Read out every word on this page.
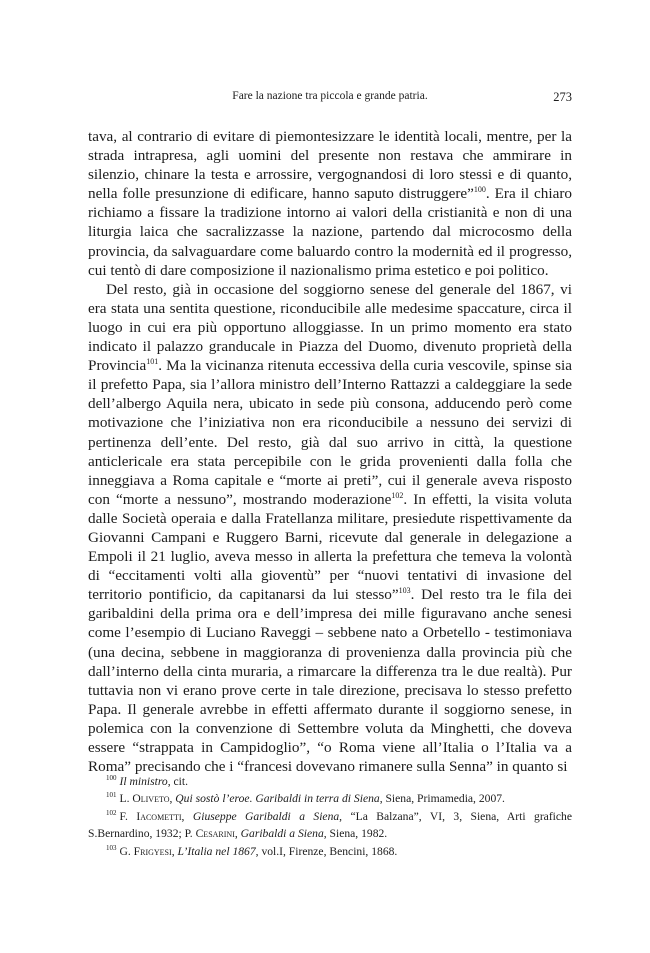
Fare la nazione tra piccola e grande patria.	273

tava, al contrario di evitare di piemontesizzare le identità locali, mentre, per la strada intrapresa, agli uomini del presente non restava che ammirare in silenzio, chinare la testa e arrossire, vergognandosi di loro stessi e di quanto, nella folle presunzione di edificare, hanno saputo distruggere”$^{100}$. Era il chiaro richiamo a fissare la tradizione intorno ai valori della cristianità e non di una liturgia laica che sacralizzasse la nazione, partendo dal microcosmo della provincia, da salvaguardare come baluardo contro la modernità ed il progresso, cui tentò di dare composizione il nazionalismo prima estetico e poi politico.

Del resto, già in occasione del soggiorno senese del generale del 1867, vi era stata una sentita questione, riconducibile alle medesime spaccature, circa il luogo in cui era più opportuno alloggiasse. In un primo momento era stato indicato il palazzo granducale in Piazza del Duomo, divenuto proprietà della Provincia$^{101}$. Ma la vicinanza ritenuta eccessiva della curia vescovile, spinse sia il prefetto Papa, sia l’allora ministro dell’Interno Rattazzi a caldeggiare la sede dell’albergo Aquila nera, ubicato in sede più consona, adducendo però come motivazione che l’iniziativa non era riconducibile a nessuno dei servizi di pertinenza dell’ente. Del resto, già dal suo arrivo in città, la questione anticlericale era stata percepibile con le grida provenienti dalla folla che inneggiava a Roma capitale e “morte ai preti”, cui il generale aveva risposto con “morte a nessuno”, mostrando moderazione$^{102}$. In effetti, la visita voluta dalle Società operaia e dalla Fratellanza militare, presiedute rispettivamente da Giovanni Campani e Ruggero Barni, ricevute dal generale in delegazione a Empoli il 21 luglio, aveva messo in allerta la prefettura che temeva la volontà di “eccitamenti volti alla gioventù” per “nuovi tentativi di invasione del territorio pontificio, da capitanarsi da lui stesso”$^{103}$. Del resto tra le fila dei garibaldini della prima ora e dell’impresa dei mille figuravano anche senesi come l’esempio di Luciano Raveggi – sebbene nato a Orbetello - testimoniava (una decina, sebbene in maggioranza di provenienza dalla provincia più che dall’interno della cinta muraria, a rimarcare la differenza tra le due realtà). Pur tuttavia non vi erano prove certe in tale direzione, precisava lo stesso prefetto Papa. Il generale avrebbe in effetti affermato durante il soggiorno senese, in polemica con la convenzione di Settembre voluta da Minghetti, che doveva essere “strappata in Campidoglio”, “o Roma viene all’Italia o l’Italia va a Roma” precisando che i “francesi dovevano rimanere sulla Senna” in quanto si

$^{100}$ Il ministro, cit.

$^{101}$ L. Oliveto, Qui sostò l’eroe. Garibaldi in terra di Siena, Siena, Primamedia, 2007.

$^{102}$ F. Iacometti, Giuseppe Garibaldi a Siena, “La Balzana”, VI, 3, Siena, Arti grafiche S.Bernardino, 1932; P. Cesarini, Garibaldi a Siena, Siena, 1982.

$^{103}$ G. Frigyesi, L’Italia nel 1867, vol.I, Firenze, Bencini, 1868.
